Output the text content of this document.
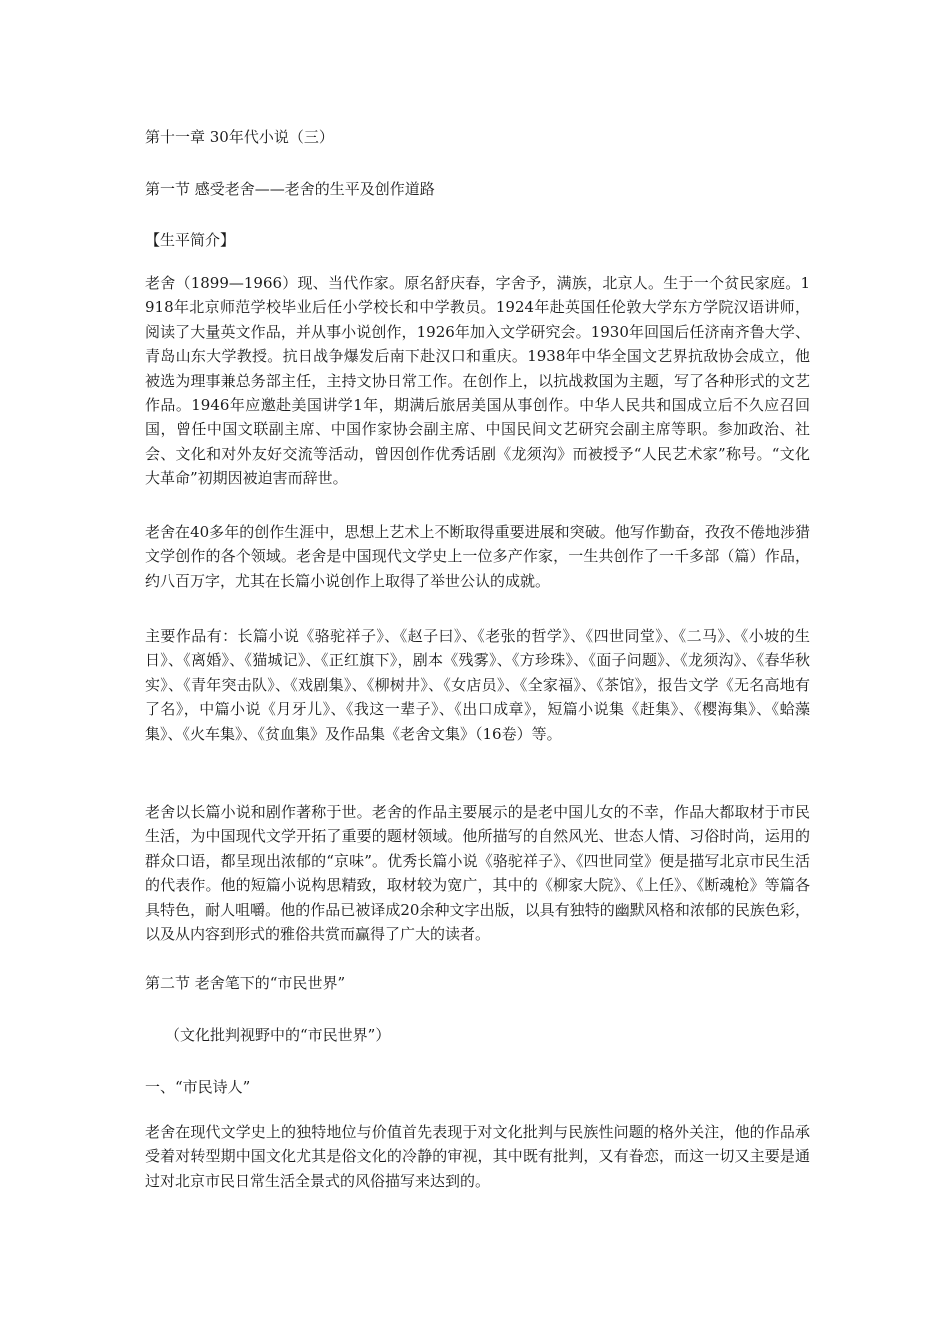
第十一章 30年代小说（三）
第一节 感受老舍——老舍的生平及创作道路
【生平简介】
老舍（1899—1966）现、当代作家。原名舒庆春，字舍予，满族，北京人。生于一个贫民家庭。1918年北京师范学校毕业后任小学校长和中学教员。1924年赴英国任伦敦大学东方学院汉语讲师，阅读了大量英文作品，并从事小说创作，1926年加入文学研究会。1930年回国后任济南齐鲁大学、青岛山东大学教授。抗日战争爆发后南下赴汉口和重庆。1938年中华全国文艺界抗敌协会成立，他被选为理事兼总务部主任，主持文协日常工作。在创作上，以抗战救国为主题，写了各种形式的文艺作品。1946年应邀赴美国讲学1年，期满后旅居美国从事创作。中华人民共和国成立后不久应召回国，曾任中国文联副主席、中国作家协会副主席、中国民间文艺研究会副主席等职。参加政治、社会、文化和对外友好交流等活动，曾因创作优秀话剧《龙须沟》而被授予“人民艺术家”称号。“文化大革命”初期因被迫害而辞世。
老舍在40多年的创作生涯中，思想上艺术上不断取得重要进展和突破。他写作勤奋，孜孜不倦地涉猎文学创作的各个领域。老舍是中国现代文学史上一位多产作家，一生共创作了一千多部（篇）作品，约八百万字，尤其在长篇小说创作上取得了举世公认的成就。
主要作品有：长篇小说《骆驼祥子》、《赵子曰》、《老张的哲学》、《四世同堂》、《二马》、《小坡的生日》、《离婚》、《猫城记》、《正红旗下》，剧本《残雾》、《方珍珠》、《面子问题》、《龙须沟》、《春华秋实》、《青年突击队》、《戏剧集》、《柳树井》、《女店员》、《全家福》、《茶馆》，报告文学《无名高地有了名》，中篇小说《月牙儿》、《我这一辈子》、《出口成章》，短篇小说集《赶集》、《樱海集》、《蛤藻集》、《火车集》、《贫血集》及作品集《老舍文集》（16卷）等。
老舍以长篇小说和剧作著称于世。老舍的作品主要展示的是老中国儿女的不幸，作品大都取材于市民生活，为中国现代文学开拓了重要的题材领域。他所描写的自然风光、世态人情、习俗时尚，运用的群众口语，都呈现出浓郁的“京味”。优秀长篇小说《骆驼祥子》、《四世同堂》便是描写北京市民生活的代表作。他的短篇小说构思精致，取材较为宽广，其中的《柳家大院》、《上任》、《断魂枪》等篇各具特色，耐人咀嚼。他的作品已被译成20余种文字出版，以具有独特的幽默风格和浓郁的民族色彩，以及从内容到形式的雅俗共赏而赢得了广大的读者。
第二节 老舍笔下的“市民世界”
（文化批判视野中的“市民世界”）
一、“市民诗人”
老舍在现代文学史上的独特地位与价值首先表现于对文化批判与民族性问题的格外关注，他的作品承受着对转型期中国文化尤其是俗文化的冷静的审视，其中既有批判，又有眷恋，而这一切又主要是通过对北京市民日常生活全景式的风俗描写来达到的。
